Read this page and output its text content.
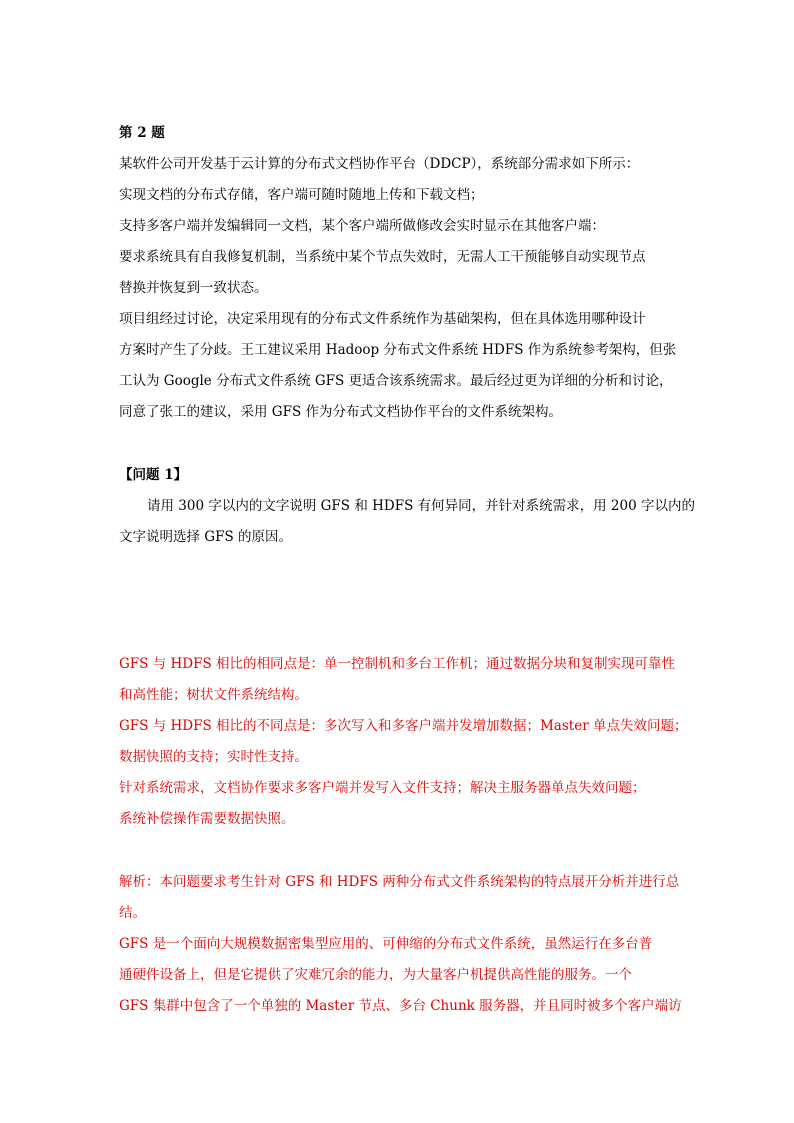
第 2 题
某软件公司开发基于云计算的分布式文档协作平台（DDCP），系统部分需求如下所示：
实现文档的分布式存储，客户端可随时随地上传和下载文档；
支持多客户端并发编辑同一文档，某个客户端所做修改会实时显示在其他客户端：
要求系统具有自我修复机制，当系统中某个节点失效时，无需人工干预能够自动实现节点
替换并恢复到一致状态。
项目组经过讨论，决定采用现有的分布式文件系统作为基础架构，但在具体选用哪种设计
方案时产生了分歧。王工建议采用 Hadoop 分布式文件系统 HDFS 作为系统参考架构，但张
工认为 Google 分布式文件系统 GFS 更适合该系统需求。最后经过更为详细的分析和讨论，
同意了张工的建议，采用 GFS 作为分布式文档协作平台的文件系统架构。
【问题 1】
请用 300 字以内的文字说明 GFS 和 HDFS 有何异同，并针对系统需求，用 200 字以内的
文字说明选择 GFS 的原因。
GFS 与 HDFS 相比的相同点是：单一控制机和多台工作机；通过数据分块和复制实现可靠性
和高性能；树状文件系统结构。
GFS 与 HDFS 相比的不同点是：多次写入和多客户端并发增加数据；Master 单点失效问题；
数据快照的支持；实时性支持。
针对系统需求，文档协作要求多客户端并发写入文件支持；解决主服务器单点失效问题；
系统补偿操作需要数据快照。
解析：本问题要求考生针对 GFS 和 HDFS 两种分布式文件系统架构的特点展开分析并进行总
结。
GFS 是一个面向大规模数据密集型应用的、可伸缩的分布式文件系统，虽然运行在多台普
通硬件设备上，但是它提供了灾难冗余的能力，为大量客户机提供高性能的服务。一个
GFS 集群中包含了一个单独的 Master 节点、多台 Chunk 服务器，并且同时被多个客户端访
